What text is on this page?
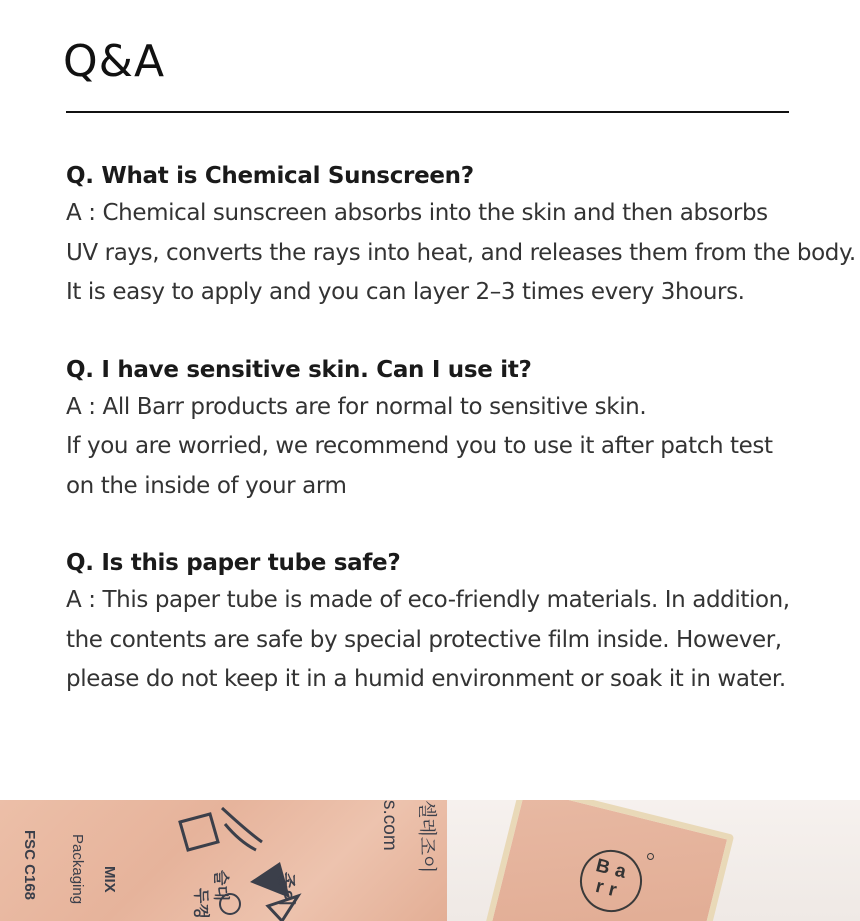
Q&A

Q. What is Chemical Sunscreen?

A : Chemical sunscreen absorbs into the skin and then absorbs

UV rays, converts the rays into heat, and releases them from the body.

It is easy to apply and you can layer 2–3 times every 3hours.

Q. I have sensitive skin. Can I use it?

A : All Barr products are for normal to sensitive skin.

If you are worried, we recommend you to use it after patch test

on the inside of your arm

Q. Is this paper tube safe?

A : This paper tube is made of eco-friendly materials. In addition,

the contents are safe by special protective film inside. However,

please do not keep it in a humid environment or soak it in water.

FSC C168 Packaging MIX
s.com 셀레조이
종이
슬대
두껑
Ba rr
